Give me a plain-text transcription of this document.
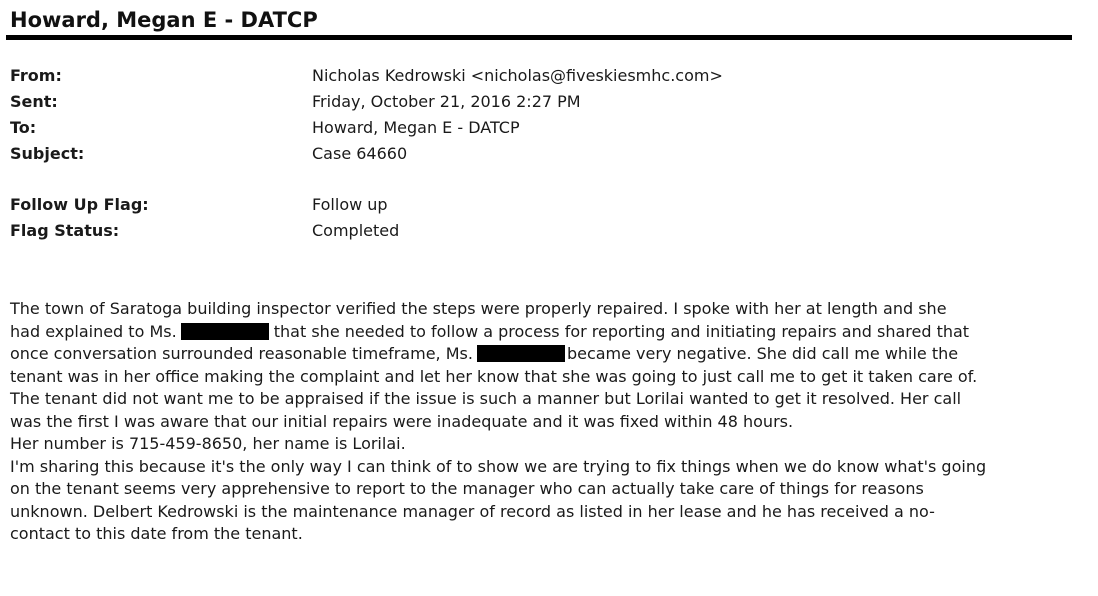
Howard, Megan E - DATCP
From:	Nicholas Kedrowski <nicholas@fiveskiesmhc.com>
Sent:	Friday, October 21, 2016 2:27 PM
To:	Howard, Megan E - DATCP
Subject:	Case 64660
Follow Up Flag:	Follow up
Flag Status:	Completed

The town of Saratoga building inspector verified the steps were properly repaired. I spoke with her at length and she

had explained to Ms.	that she needed to follow a process for reporting and initiating repairs and shared that

once conversation surrounded reasonable timeframe, Ms.	became very negative. She did call me while the

tenant was in her office making the complaint and let her know that she was going to just call me to get it taken care of.

The tenant did not want me to be appraised if the issue is such a manner but Lorilai wanted to get it resolved. Her call

was the first I was aware that our initial repairs were inadequate and it was fixed within 48 hours.

Her number is 715-459-8650, her name is Lorilai.

I'm sharing this because it's the only way I can think of to show we are trying to fix things when we do know what's going

on the tenant seems very apprehensive to report to the manager who can actually take care of things for reasons

unknown. Delbert Kedrowski is the maintenance manager of record as listed in her lease and he has received a no-

contact to this date from the tenant.
